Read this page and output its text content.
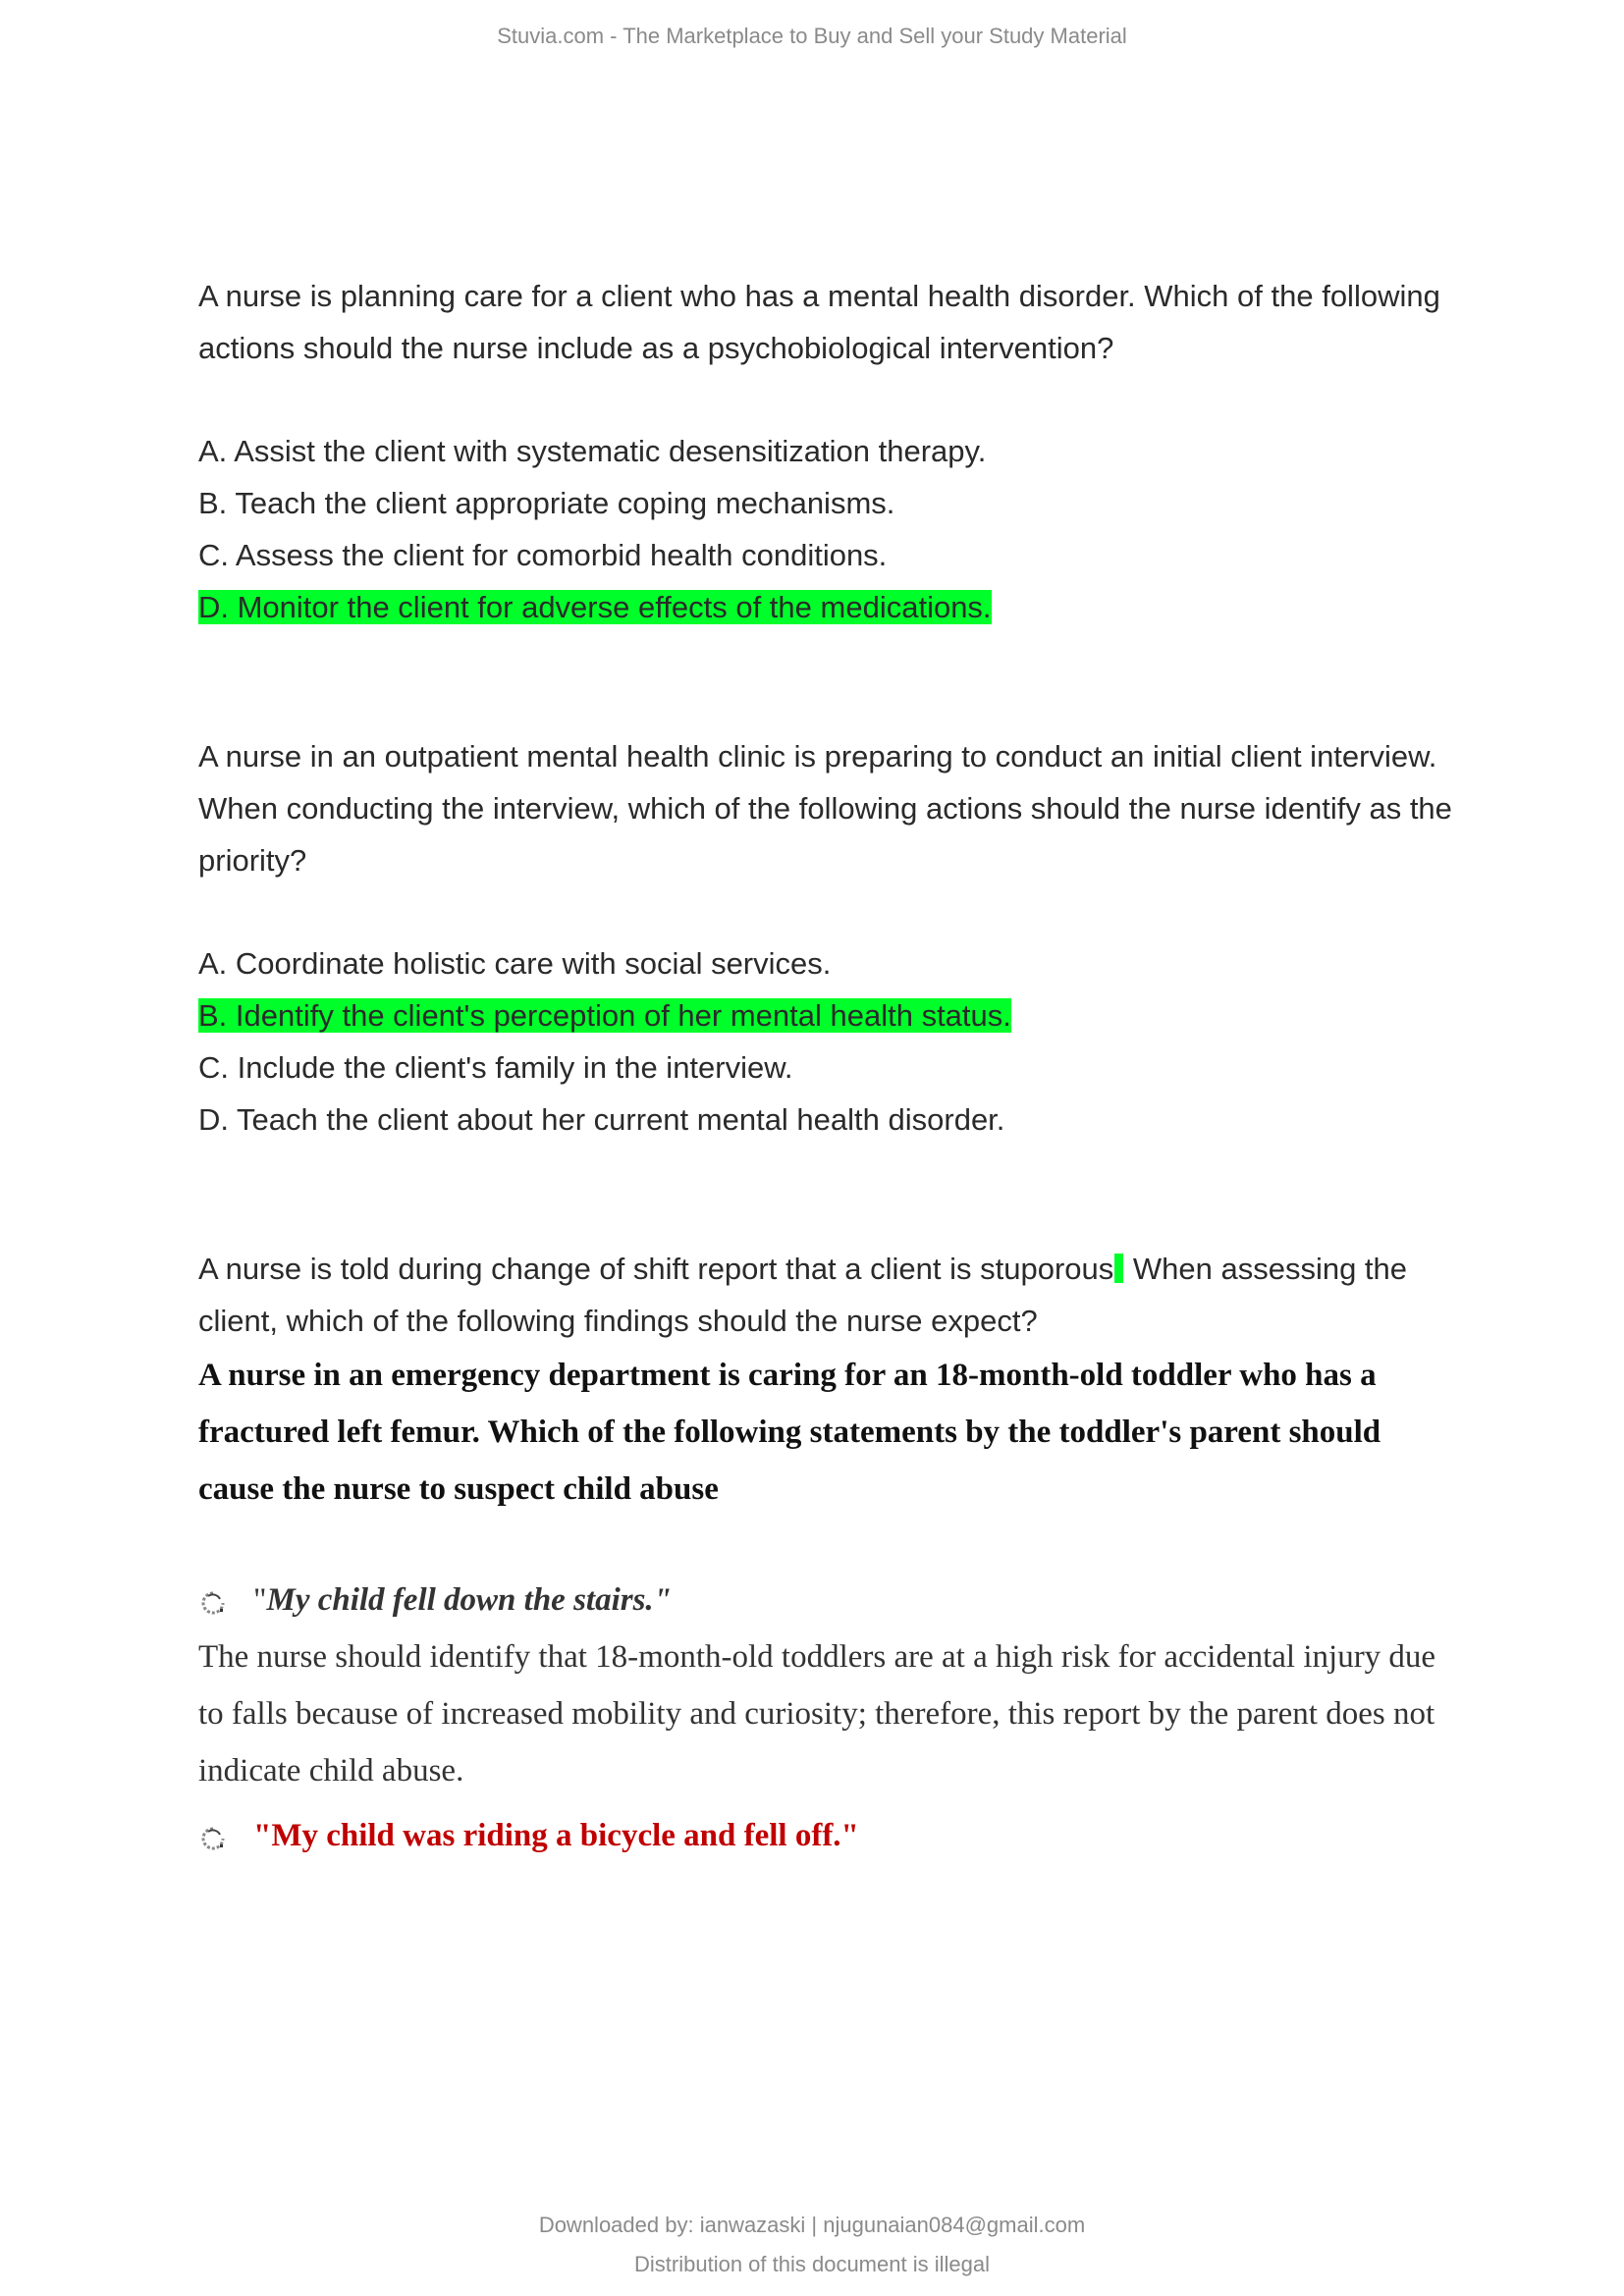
Stuvia.com - The Marketplace to Buy and Sell your Study Material

A nurse is planning care for a client who has a mental health disorder. Which of the following

actions should the nurse include as a psychobiological intervention?

A. Assist the client with systematic desensitization therapy.

B. Teach the client appropriate coping mechanisms.

C. Assess the client for comorbid health conditions.

D. Monitor the client for adverse effects of the medications.

A nurse in an outpatient mental health clinic is preparing to conduct an initial client interview.

When conducting the interview, which of the following actions should the nurse identify as the

priority?

A. Coordinate holistic care with social services.

B. Identify the client's perception of her mental health status.

C. Include the client's family in the interview.

D. Teach the client about her current mental health disorder.

A nurse is told during change of shift report that a client is stuporous When assessing the

client, which of the following findings should the nurse expect?

A nurse in an emergency department is caring for an 18-month-old toddler who has a

fractured left femur. Which of the following statements by the toddler's parent should

cause the nurse to suspect child abuse

"My child fell down the stairs."

The nurse should identify that 18-month-old toddlers are at a high risk for accidental injury due

to falls because of increased mobility and curiosity; therefore, this report by the parent does not

indicate child abuse.

"My child was riding a bicycle and fell off."

Downloaded by: ianwazaski | njugunaian084@gmail.com
Distribution of this document is illegal
